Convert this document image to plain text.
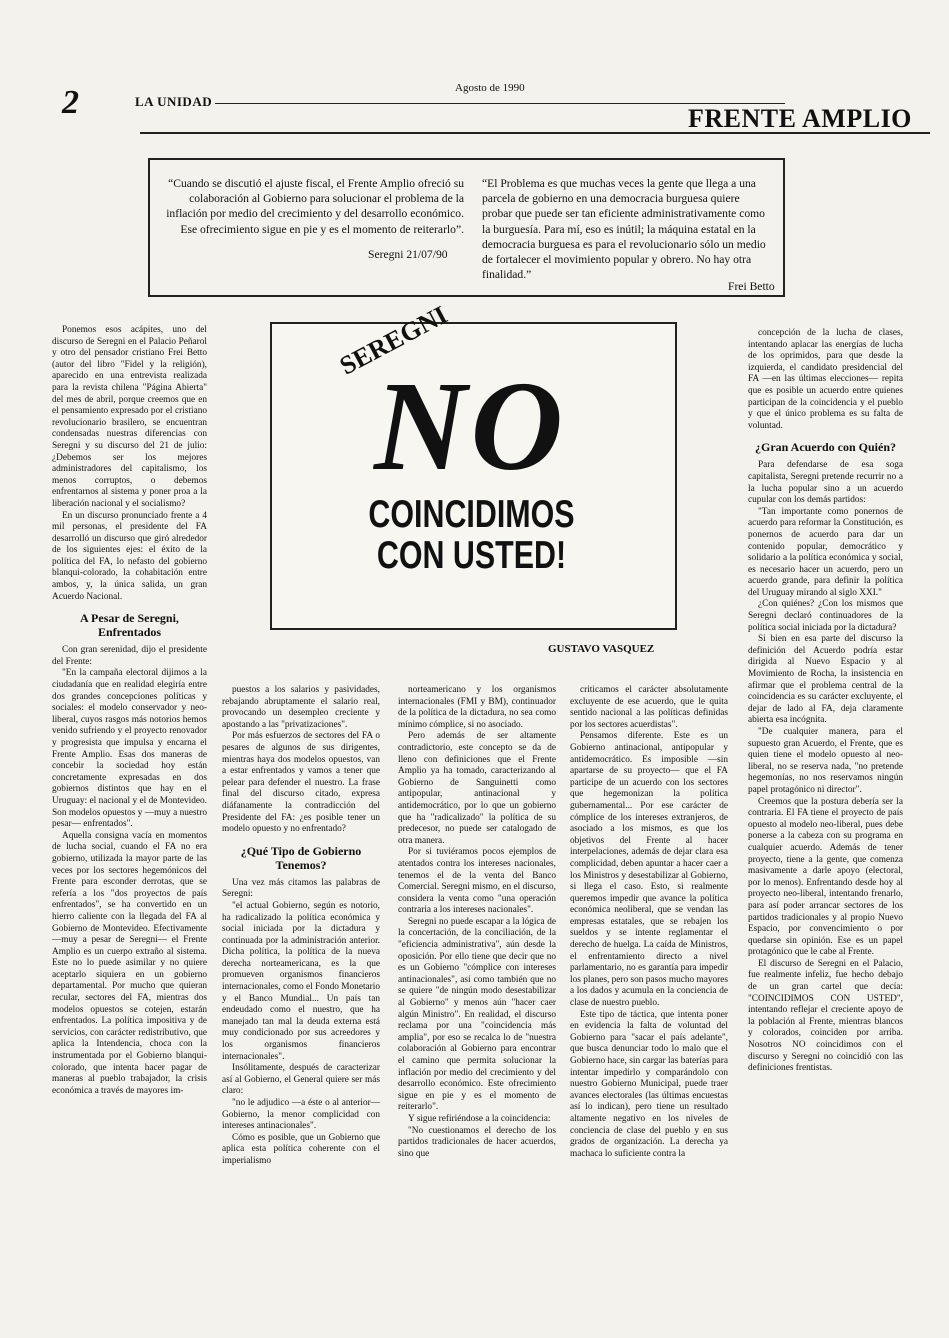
2	LA UNIDAD
Agosto de 1990
FRENTE AMPLIO
“Cuando se discutió el ajuste fiscal, el Frente Amplio ofreció su colaboración al Gobierno para solucionar el problema de la inflación por medio del crecimiento y del desarrollo económico. Ese ofrecimiento sigue en pie y es el momento de reiterarlo”.
Seregni 21/07/90
“El Problema es que muchas veces la gente que llega a una parcela de gobierno en una democracia burguesa quiere probar que puede ser tan eficiente administrativamente como la burguesía. Para mí, eso es inútil; la máquina estatal en la democracia burguesa es para el revolucionario sólo un medio de fortalecer el movimiento popular y obrero. No hay otra finalidad.”
Frei Betto
SEREGNI
NO
COINCIDIMOS
CON USTED!
GUSTAVO VASQUEZ

Ponemos esos acápites, uno del discurso de Seregni en el Palacio Peñarol y otro del pensador cristiano Frei Betto (autor del libro "Fidel y la religión), aparecido en una entrevista realizada para la revista chilena "Página Abierta" del mes de abril, porque creemos que en el pensamiento expresado por el cristiano revolucionario brasilero, se encuentran condensadas nuestras diferencias con Seregni y su discurso del 21 de julio: ¿Debemos ser los mejores administradores del capitalismo, los menos corruptos, o debemos enfrentarnos al sistema y poner proa a la liberación nacional y el socialismo?

En un discurso pronunciado frente a 4 mil personas, el presidente del FA desarrolló un discurso que giró alrededor de los siguientes ejes: el éxito de la política del FA, lo nefasto del gobierno blanqui-colorado, la cohabitación entre ambos, y, la única salida, un gran Acuerdo Nacional.

A Pesar de Seregni, Enfrentados

Con gran serenidad, dijo el presidente del Frente:

"En la campaña electoral dijimos a la ciudadanía que en realidad elegiría entre dos grandes concepciones políticas y sociales: el modelo conservador y neo-liberal, cuyos rasgos más notorios hemos venido sufriendo y el proyecto renovador y progresista que impulsa y encarna el Frente Amplio. Esas dos maneras de concebir la sociedad hoy están concretamente expresadas en dos gobiernos distintos que hay en el Uruguay: el nacional y el de Montevideo. Son modelos opuestos y —muy a nuestro pesar— enfrentados".

Aquella consigna vacía en momentos de lucha social, cuando el FA no era gobierno, utilizada la mayor parte de las veces por los sectores hegemónicos del Frente para esconder derrotas, que se refería a los "dos proyectos de país enfrentados", se ha convertido en un hierro caliente con la llegada del FA al Gobierno de Montevideo. Efectivamente —muy a pesar de Seregni— el Frente Amplio es un cuerpo extraño al sistema. Este no lo puede asimilar y no quiere aceptarlo siquiera en un gobierno departamental. Por mucho que quieran recular, sectores del FA, mientras dos modelos opuestos se cotejen, estarán enfrentados. La política impositiva y de servicios, con carácter redistributivo, que aplica la Intendencia, choca con la instrumentada por el Gobierno blanqui-colorado, que intenta hacer pagar de maneras al pueblo trabajador, la crisis económica a través de mayores im-

puestos a los salarios y pasividades, rebajando abruptamente el salario real, provocando un desempleo creciente y apostando a las "privatizaciones".

Por más esfuerzos de sectores del FA o pesares de algunos de sus dirigentes, mientras haya dos modelos opuestos, van a estar enfrentados y vamos a tener que pelear para defender el nuestro. La frase final del discurso citado, expresa diáfanamente la contradicción del Presidente del FA: ¿es posible tener un modelo opuesto y no enfrentado?

¿Qué Tipo de Gobierno Tenemos?

Una vez más citamos las palabras de Seregni:

"el actual Gobierno, según es notorio, ha radicalizado la política económica y social iniciada por la dictadura y continuada por la administración anterior. Dicha política, la política de la nueva derecha norteamericana, es la que promueven organismos financieros internacionales, como el Fondo Monetario y el Banco Mundial... Un país tan endeudado como el nuestro, que ha manejado tan mal la deuda externa está muy condicionado por sus acreedores y los organismos financieros internacionales".

Insólitamente, después de caracterizar así al Gobierno, el General quiere ser más claro:

"no le adjudico —a éste o al anterior— Gobierno, la menor complicidad con intereses antinacionales".

Cómo es posible, que un Gobierno que aplica esta política coherente con el imperialismo

norteamericano y los organismos internacionales (FMI y BM), continuador de la política de la dictadura, no sea como mínimo cómplice, si no asociado.

Pero además de ser altamente contradictorio, este concepto se da de lleno con definiciones que el Frente Amplio ya ha tomado, caracterizando al Gobierno de Sanguinetti como antipopular, antinacional y antidemocrático, por lo que un gobierno que ha "radicalizado" la política de su predecesor, no puede ser catalogado de otra manera.

Por si tuviéramos pocos ejemplos de atentados contra los intereses nacionales, tenemos el de la venta del Banco Comercial. Seregni mismo, en el discurso, considera la venta como "una operación contraria a los intereses nacionales".

Seregni no puede escapar a la lógica de la concertación, de la conciliación, de la "eficiencia administrativa", aún desde la oposición. Por ello tiene que decir que no es un Gobierno "cómplice con intereses antinacionales", así como también que no se quiere "de ningún modo desestabilizar al Gobierno" y menos aún "hacer caer algún Ministro". En realidad, el discurso reclama por una "coincidencia más amplia", por eso se recalca lo de "nuestra colaboración al Gobierno para encontrar el camino que permita solucionar la inflación por medio del crecimiento y del desarrollo económico. Este ofrecimiento sigue en pie y es el momento de reiterarlo".

Y sigue refiriéndose a la coincidencia:

"No cuestionamos el derecho de los partidos tradicionales de hacer acuerdos, sino que

criticamos el carácter absolutamente excluyente de ese acuerdo, que le quita sentido nacional a las políticas definidas por los sectores acuerdistas".

Pensamos diferente. Este es un Gobierno antinacional, antipopular y antidemocrático. Es imposible —sin apartarse de su proyecto— que el FA participe de un acuerdo con los sectores que hegemonizan la política gubernamental... Por ese carácter de cómplice de los intereses extranjeros, de asociado a los mismos, es que los objetivos del Frente al hacer interpelaciones, además de dejar clara esa complicidad, deben apuntar a hacer caer a los Ministros y desestabilizar al Gobierno, si llega el caso. Esto, si realmente queremos impedir que avance la política económica neoliberal, que se vendan las empresas estatales, que se rebajen los sueldos y se intente reglamentar el derecho de huelga. La caída de Ministros, el enfrentamiento directo a nivel parlamentario, no es garantía para impedir los planes, pero son pasos mucho mayores a los dados y acumula en la conciencia de clase de nuestro pueblo.

Este tipo de táctica, que intenta poner en evidencia la falta de voluntad del Gobierno para "sacar el país adelante", que busca denunciar todo lo malo que el Gobierno hace, sin cargar las baterías para intentar impedirlo y comparándolo con nuestro Gobierno Municipal, puede traer avances electorales (las últimas encuestas así lo indican), pero tiene un resultado altamente negativo en los niveles de conciencia de clase del pueblo y en sus grados de organización. La derecha ya machaca lo suficiente contra la

concepción de la lucha de clases, intentando aplacar las energías de lucha de los oprimidos, para que desde la izquierda, el candidato presidencial del FA —en las últimas elecciones— repita que es posible un acuerdo entre quienes participan de la coincidencia y el pueblo y que el único problema es su falta de voluntad.

¿Gran Acuerdo con Quién?

Para defendarse de esa soga capitalista, Seregni pretende recurrir no a la lucha popular sino a un acuerdo cupular con los demás partidos:

"Tan importante como ponernos de acuerdo para reformar la Constitución, es ponernos de acuerdo para dar un contenido popular, democrático y solidario a la política económica y social, es necesario hacer un acuerdo, pero un acuerdo grande, para definir la política del Uruguay mirando al siglo XXI."

¿Con quiénes? ¿Con los mismos que Seregni declaró continuadores de la política social iniciada por la dictadura?

Si bien en esa parte del discurso la definición del Acuerdo podría estar dirigida al Nuevo Espacio y al Movimiento de Rocha, la insistencia en afirmar que el problema central de la coincidencia es su carácter excluyente, el dejar de lado al FA, deja claramente abierta esa incógnita.

"De cualquier manera, para el supuesto gran Acuerdo, el Frente, que es quien tiene el modelo opuesto al neo-liberal, no se reserva nada, "no pretende hegemonías, no nos reservamos ningún papel protagónico ni director".

Creemos que la postura debería ser la contraria. El FA tiene el proyecto de país opuesto al modelo neo-liberal, pues debe ponerse a la cabeza con su programa en cualquier acuerdo. Además de tener proyecto, tiene a la gente, que comenza masivamente a darle apoyo (electoral, por lo menos). Enfrentando desde hoy al proyecto neo-liberal, intentando frenarlo, para así poder arrancar sectores de los partidos tradicionales y al propio Nuevo Espacio, por convencimiento o por quedarse sin opinión. Ese es un papel protagónico que le cabe al Frente.

El discurso de Seregni en el Palacio, fue realmente infeliz, fue hecho debajo de un gran cartel que decía: "COINCIDIMOS CON USTED", intentando reflejar el creciente apoyo de la población al Frente, mientras blancos y colorados, coinciden por arriba. Nosotros NO coincidimos con el discurso y Seregni no coincidió con las definiciones frentistas.
